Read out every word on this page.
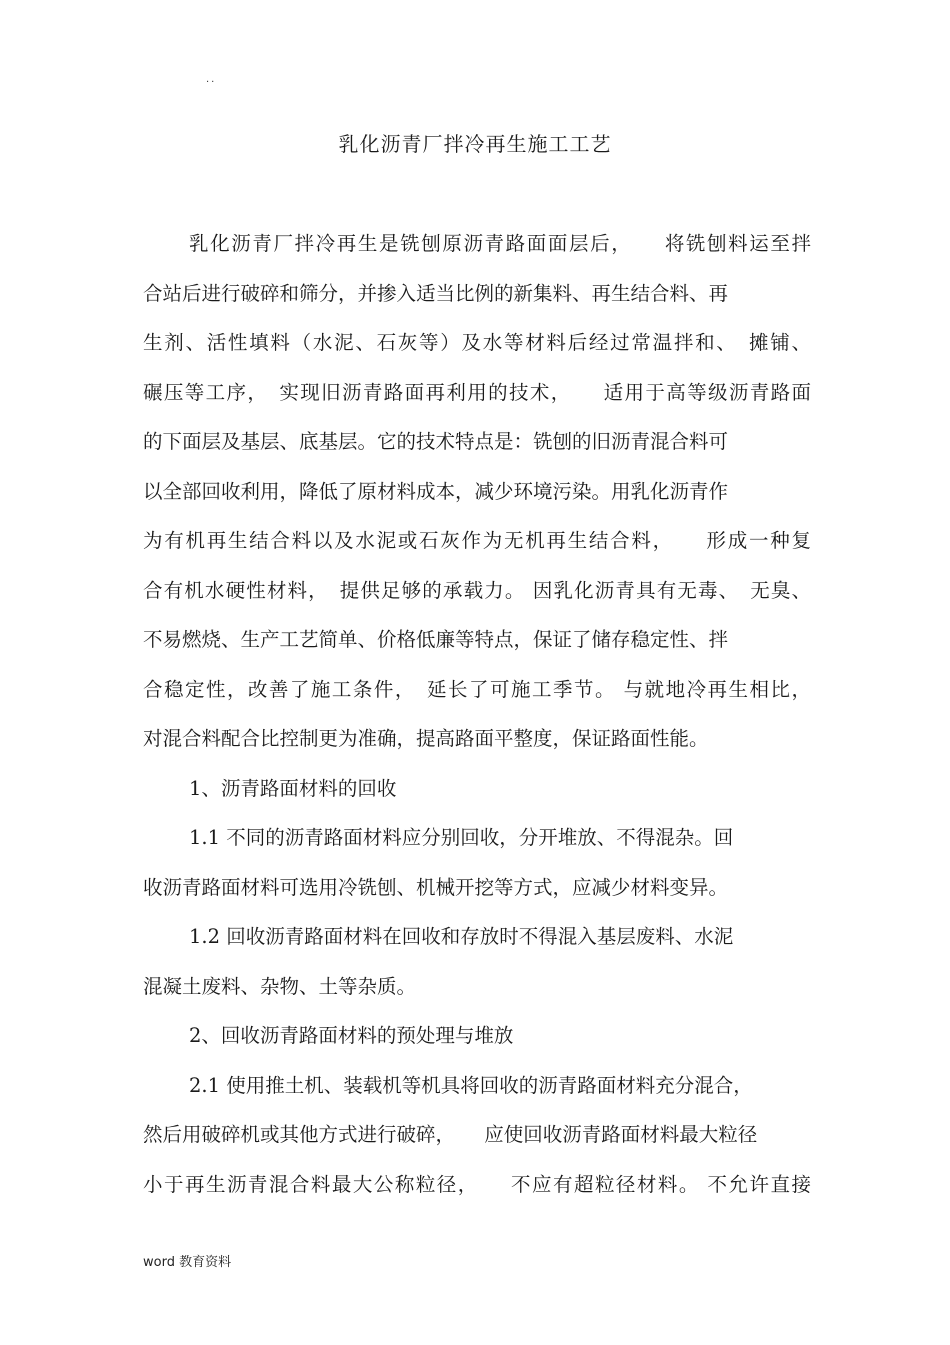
..
乳化沥青厂拌冷再生施工工艺
乳化沥青厂拌冷再生是铣刨原沥青路面面层后，　　将铣刨料运至拌
合站后进行破碎和筛分，并掺入适当比例的新集料、再生结合料、再
生剂、活性填料（水泥、石灰等）及水等材料后经过常温拌和、　摊铺、
碾压等工序，　实现旧沥青路面再利用的技术，　　适用于高等级沥青路面
的下面层及基层、底基层。它的技术特点是：铣刨的旧沥青混合料可
以全部回收利用，降低了原材料成本，减少环境污染。用乳化沥青作
为有机再生结合料以及水泥或石灰作为无机再生结合料，　　形成一种复
合有机水硬性材料，　提供足够的承载力。 因乳化沥青具有无毒、　无臭、
不易燃烧、生产工艺简单、价格低廉等特点，保证了储存稳定性、拌
合稳定性，改善了施工条件，　延长了可施工季节。 与就地冷再生相比，
对混合料配合比控制更为准确，提高路面平整度，保证路面性能。
1、沥青路面材料的回收
1.1 不同的沥青路面材料应分别回收，分开堆放、不得混杂。回
收沥青路面材料可选用冷铣刨、机械开挖等方式，应减少材料变异。
1.2 回收沥青路面材料在回收和存放时不得混入基层废料、水泥
混凝土废料、杂物、土等杂质。
2、回收沥青路面材料的预处理与堆放
2.1 使用推土机、装载机等机具将回收的沥青路面材料充分混合，
然后用破碎机或其他方式进行破碎，　　应使回收沥青路面材料最大粒径
小于再生沥青混合料最大公称粒径，　　不应有超粒径材料。 不允许直接
word 教育资料
